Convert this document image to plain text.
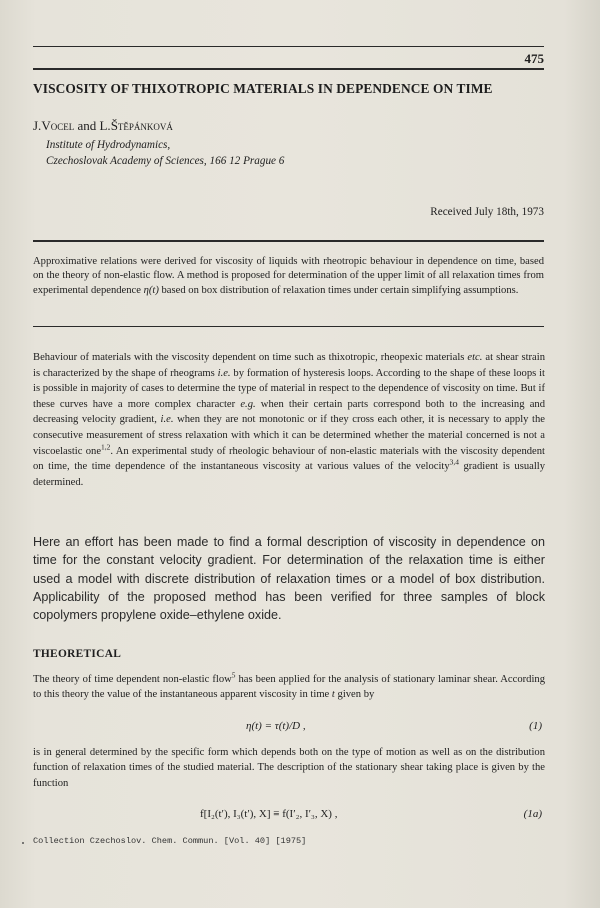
475
VISCOSITY OF THIXOTROPIC MATERIALS IN DEPENDENCE ON TIME
J.Vocel and L.Štěpánková
Institute of Hydrodynamics,
Czechoslovak Academy of Sciences, 166 12 Prague 6
Received July 18th, 1973
Approximative relations were derived for viscosity of liquids with rheotropic behaviour in dependence on time, based on the theory of non-elastic flow. A method is proposed for determination of the upper limit of all relaxation times from experimental dependence η(t) based on box distribution of relaxation times under certain simplifying assumptions.
Behaviour of materials with the viscosity dependent on time such as thixotropic, rheopexic materials etc. at shear strain is characterized by the shape of rheograms i.e. by formation of hysteresis loops. According to the shape of these loops it is possible in majority of cases to determine the type of material in respect to the dependence of viscosity on time. But if these curves have a more complex character e.g. when their certain parts correspond both to the increasing and decreasing velocity gradient, i.e. when they are not monotonic or if they cross each other, it is necessary to apply the consecutive measurement of stress relaxation with which it can be determined whether the material concerned is not a viscoelastic one$^{1,2}$. An experimental study of rheologic behaviour of non-elastic materials with the viscosity dependent on time, the time dependence of the instantaneous viscosity at various values of the velocity$^{3,4}$ gradient is usually determined.
Here an effort has been made to find a formal description of viscosity in dependence on time for the constant velocity gradient. For determination of the relaxation time is either used a model with discrete distribution of relaxation times or a model of box distribution. Applicability of the proposed method has been verified for three samples of block copolymers propylene oxide–ethylene oxide.
THEORETICAL
The theory of time dependent non-elastic flow$^5$ has been applied for the analysis of stationary laminar shear. According to this theory the value of the instantaneous apparent viscosity in time t given by
η(t) = τ(t)/D ,	(1)
is in general determined by the specific form which depends both on the type of motion as well as on the distribution function of relaxation times of the studied material. The description of the stationary shear taking place is given by the function
f[I₂(t′), I₃(t′), X] ≡ f(I′₂, I′₃, X) ,	(1a)
Collection Czechoslov. Chem. Commun. [Vol. 40] [1975]
